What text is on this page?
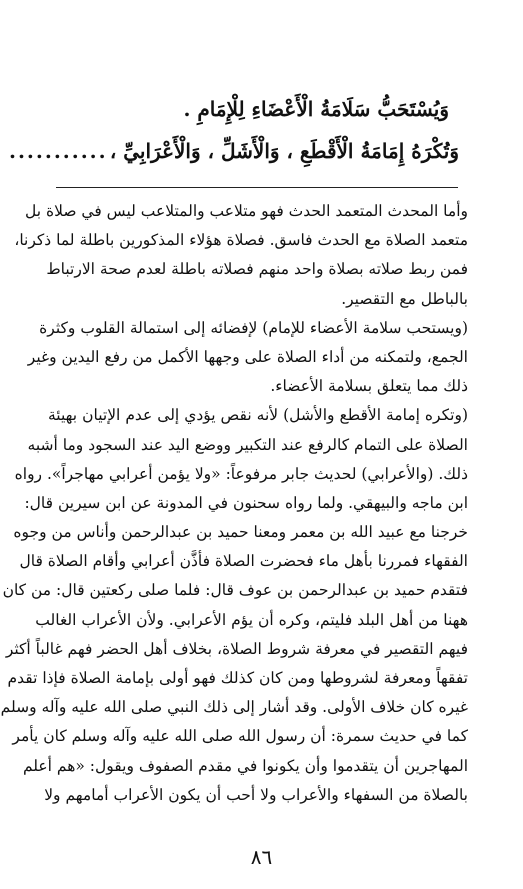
وَيُسْتَحَبُّ سَلَامَةُ الْأَعْضَاءِ لِلْإِمَامِ .
وَتُكْرَهُ إِمَامَةُ الْأَقْطَعِ ، وَالْأَشَلِّ ، وَالْأَعْرَابِيِّ ،
...........
وأما المحدث المتعمد الحدث فهو متلاعب والمتلاعب ليس في صلاة بل
متعمد الصلاة مع الحدث فاسق. فصلاة هؤلاء المذكورين باطلة لما ذكرنا،
فمن ربط صلاته بصلاة واحد منهم فصلاته باطلة لعدم صحة الارتباط
بالباطل مع التقصير.
(ويستحب سلامة الأعضاء للإمام) لإفضائه إلى استمالة القلوب وكثرة
الجمع، ولتمكنه من أداء الصلاة على وجهها الأكمل من رفع اليدين وغير
ذلك مما يتعلق بسلامة الأعضاء.
(وتكره إمامة الأقطع والأشل) لأنه نقص يؤدي إلى عدم الإتيان بهيئة
الصلاة على التمام كالرفع عند التكبير ووضع اليد عند السجود وما أشبه
ذلك. (والأعرابي) لحديث جابر مرفوعاً: «ولا يؤمن أعرابي مهاجراً». رواه
ابن ماجه والبيهقي. ولما رواه سحنون في المدونة عن ابن سيرين قال:
خرجنا مع عبيد الله بن معمر ومعنا حميد بن عبدالرحمن وأناس من وجوه
الفقهاء فمررنا بأهل ماء فحضرت الصلاة فأذَّن أعرابي وأقام الصلاة قال
فتقدم حميد بن عبدالرحمن بن عوف قال: فلما صلى ركعتين قال: من كان
ههنا من أهل البلد فليتم، وكره أن يؤم الأعرابي. ولأن الأعراب الغالب
فيهم التقصير في معرفة شروط الصلاة، بخلاف أهل الحضر فهم غالباً أكثر
تفقهاً ومعرفة لشروطها ومن كان كذلك فهو أولى بإمامة الصلاة فإذا تقدم
غيره كان خلاف الأولى. وقد أشار إلى ذلك النبي صلى الله عليه وآله وسلم
كما في حديث سمرة: أن رسول الله صلى الله عليه وآله وسلم كان يأمر
المهاجرين أن يتقدموا وأن يكونوا في مقدم الصفوف ويقول: «هم أعلم
بالصلاة من السفهاء والأعراب ولا أحب أن يكون الأعراب أمامهم ولا
٨٦
